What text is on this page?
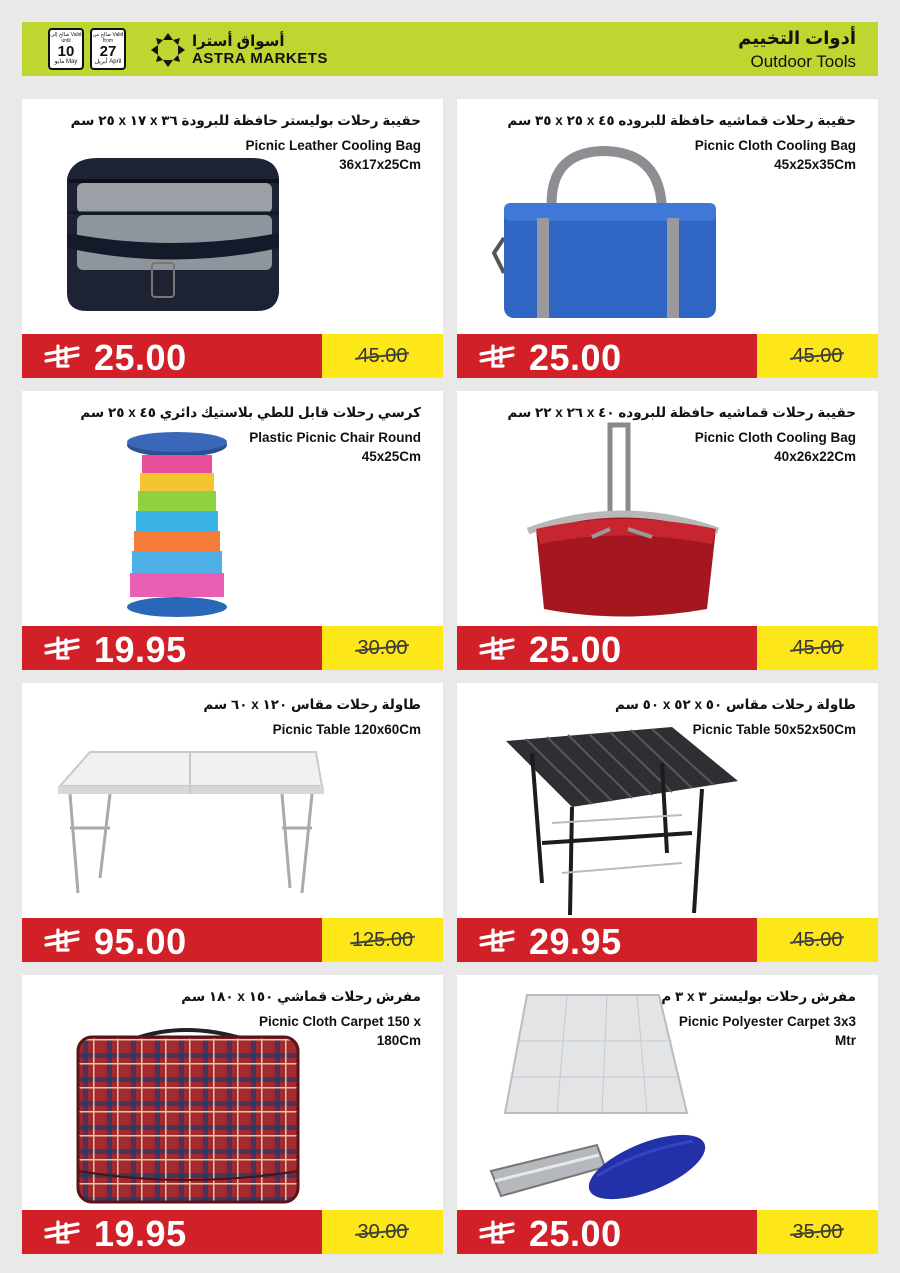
صالح إلى Valid until
10
مايو May
صالح من Valid from
27
أبريل April
أسواق أسترا
ASTRA MARKETS
أدوات التخييم
Outdoor Tools
حقيبة رحلات بوليستر حافظة للبرودة ٣٦ x ١٧ x ٢٥ سم
Picnic Leather Cooling Bag 36x17x25Cm
25.00	45.00
حقيبة رحلات قماشيه حافظة للبروده ٤٥ x ٢٥ x ٣٥ سم
Picnic Cloth Cooling Bag 45x25x35Cm
25.00	45.00
كرسي رحلات قابل للطي بلاستيك دائري ٤٥ x ٢٥ سم
Plastic Picnic Chair Round 45x25Cm
19.95	30.00
حقيبة رحلات قماشيه حافظة للبروده ٤٠ x ٢٦ x ٢٢ سم
Picnic Cloth Cooling Bag 40x26x22Cm
25.00	45.00
طاولة رحلات مقاس ١٢٠ x ٦٠ سم
Picnic Table 120x60Cm
95.00	125.00
طاولة رحلات مقاس ٥٠ x ٥٢ x ٥٠ سم
Picnic Table 50x52x50Cm
29.95	45.00
مفرش رحلات قماشي ١٥٠ x ١٨٠ سم
Picnic Cloth Carpet 150 x 180Cm
19.95	30.00
مفرش رحلات بوليستر ٣ x ٣ م
Picnic Polyester Carpet 3x3 Mtr
25.00	35.00
